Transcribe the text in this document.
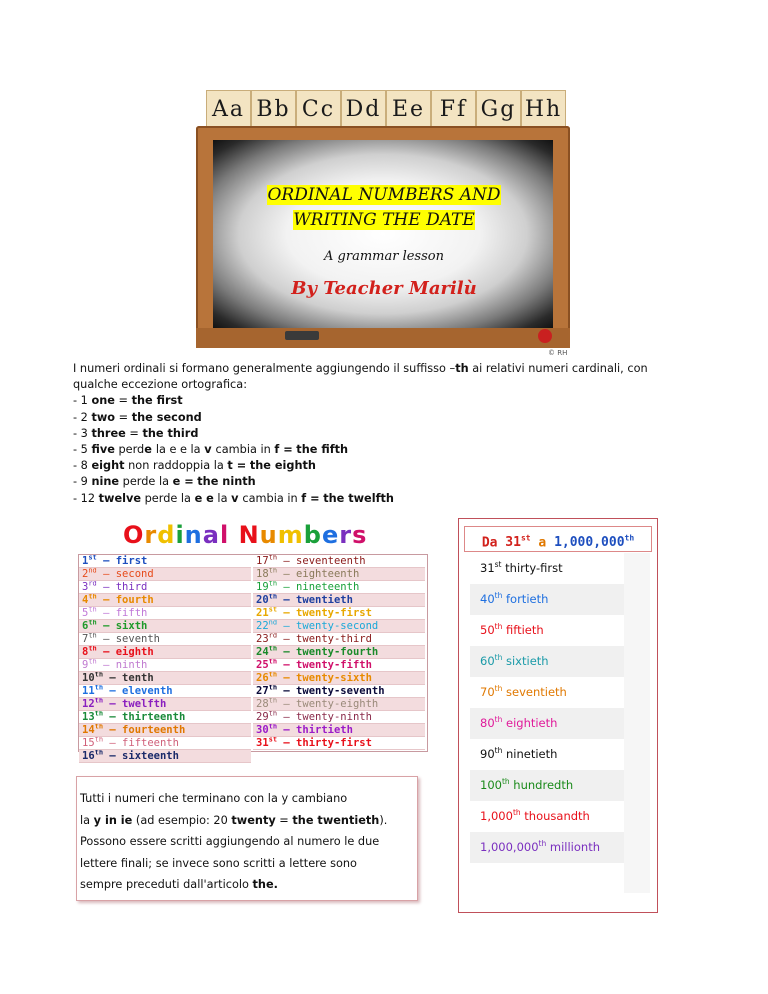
Aa Bb Cc Dd Ee Ff Gg Hh
© RH
ORDINAL NUMBERS AND
WRITING THE DATE
A grammar lesson
By Teacher Marilù
I numeri ordinali si formano generalmente aggiungendo il suffisso –th ai relativi numeri cardinali, con
qualche eccezione ortografica:
- 1 one = the first
- 2 two = the second
- 3 three = the third
- 5 five perde la e e la v cambia in f = the fifth
- 8 eight non raddoppia la t = the eighth
- 9 nine perde la e = the ninth
- 12 twelve perde la e e la v cambia in f = the twelfth
Ordinal Numbers
1st – first
2nd – second
3rd – third
4th – fourth
5th – fifth
6th – sixth
7th – seventh
8th – eighth
9th – ninth
10th – tenth
11th – eleventh
12th – twelfth
13th – thirteenth
14th – fourteenth
15th – fifteenth
16th – sixteenth
17th – seventeenth
18th – eighteenth
19th – nineteenth
20th – twentieth
21st – twenty-first
22nd – twenty-second
23rd – twenty-third
24th – twenty-fourth
25th – twenty-fifth
26th – twenty-sixth
27th – twenty-seventh
28th – twenty-eighth
29th – twenty-ninth
30th – thirtieth
31st – thirty-first
Tutti i numeri che terminano con la y cambiano
la y in ie (ad esempio: 20 twenty = the twentieth).
Possono essere scritti aggiungendo al numero le due
lettere finali; se invece sono scritti a lettere sono
sempre preceduti dall'articolo the.
Da 31st a 1,000,000th
31st thirty-first
40th fortieth
50th fiftieth
60th sixtieth
70th seventieth
80th eightieth
90th ninetieth
100th hundredth
1,000th thousandth
1,000,000th millionth
